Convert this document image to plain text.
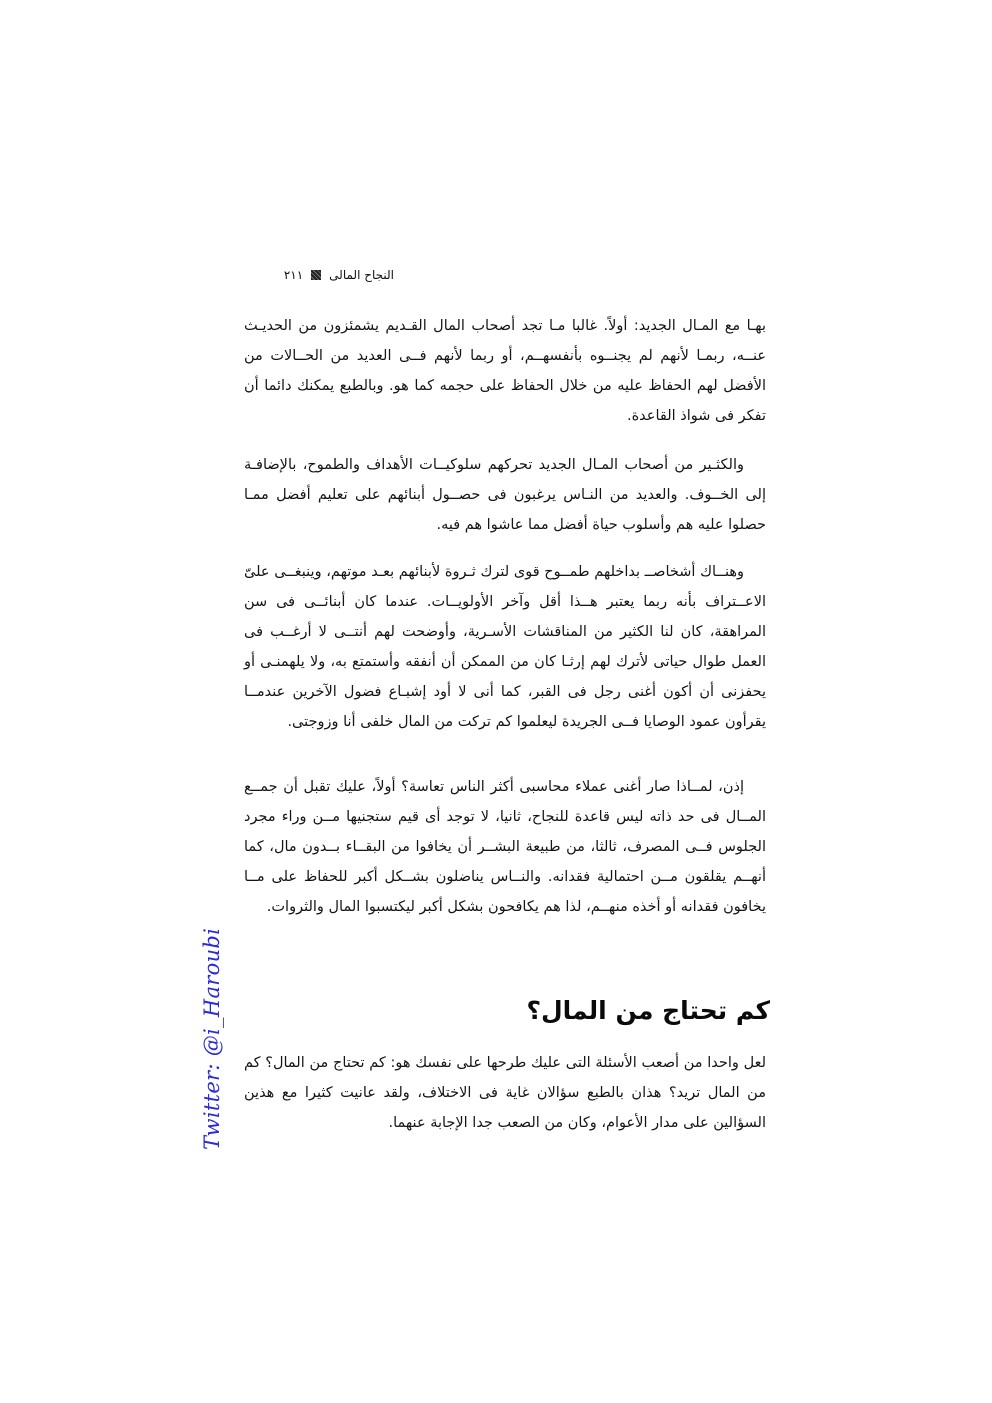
النجاح المالى
٢١١

بهـا مع المـال الجديد: أولاً. غالبا مـا تجد أصحاب المال القـديم يشمئزون من الحديـث عنــه، ربمـا لأنهم لم يجنــوه بأنفسهــم، أو ربما لأنهم فــى العديد من الحــالات من الأفضل لهم الحفاظ عليه من خلال الحفاظ على حجمه كما هو. وبالطبع يمكنك دائما أن تفكر فى شواذ القاعدة.

والكثـير من أصحاب المـال الجديد تحركهم سلوكيــات الأهداف والطموح، بالإضافـة إلى الخــوف. والعديد من النـاس يرغبون فى حصــول أبنائهم على تعليم أفضل ممـا حصلوا عليه هم وأسلوب حياة أفضل مما عاشوا هم فيه.

وهنــاك أشخاصــ بداخلهم طمــوح قوى لترك ثـروة لأبنائهم بعـد موتهم، وينبغــى علىّ الاعــتراف بأنه ربما يعتبر هــذا أقل وآخر الأولويــات. عندما كان أبنائــى فى سن المراهقة، كان لنا الكثير من المناقشات الأسـرية، وأوضحت لهم أنتــى لا أرغــب فى العمل طوال حياتى لأترك لهم إرثـا كان من الممكن أن أنفقه وأستمتع به، ولا يلهمنـى أو يحفزنى أن أكون أغنى رجل فى القبر، كما أنى لا أود إشبـاع فضول الآخرين عندمــا يقرأون عمود الوصايا فــى الجريدة ليعلموا كم تركت من المال خلفى أنا وزوجتى.

إذن، لمــاذا صار أغنى عملاء محاسبى أكثر الناس تعاسة؟ أولاً، عليك تقبل أن جمــع المــال فى حد ذاته ليس قاعدة للنجاح، ثانيا، لا توجد أى قيم ستجنيها مــن وراء مجرد الجلوس فــى المصرف، ثالثا، من طبيعة البشــر أن يخافوا من البقــاء بــدون مال، كما أنهــم يقلقون مــن احتمالية فقدانه. والنــاس يناضلون بشــكل أكبر للحفاظ على مــا يخافون فقدانه أو أخذه منهــم، لذا هم يكافحون بشكل أكبر ليكتسبوا المال والثروات.

كم تحتاج من المال؟

لعل واحدا من أصعب الأسئلة التى عليك طرحها على نفسك هو: كم تحتاج من المال؟ كم من المال تريد؟ هذان بالطبع سؤالان غاية فى الاختلاف، ولقد عانيت كثيرا مع هذين السؤالين على مدار الأعوام، وكان من الصعب جدا الإجابة عنهما.

Twitter: @i_Haroubi
